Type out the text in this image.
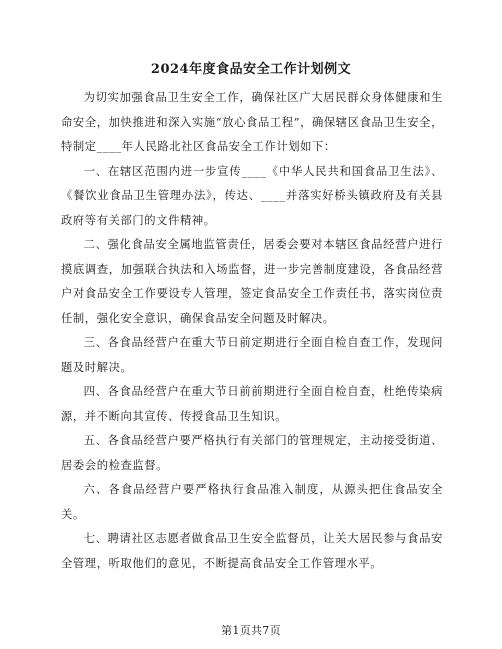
2024年度食品安全工作计划例文

为切实加强食品卫生安全工作，确保社区广大居民群众身体健康和生命安全，加快推进和深入实施“放心食品工程”，确保辖区食品卫生安全，特制定____年人民路北社区食品安全工作计划如下：

一、在辖区范围内进一步宣传____《中华人民共和国食品卫生法》、《餐饮业食品卫生管理办法》，传达、____并落实好桥头镇政府及有关县政府等有关部门的文件精神。

二、强化食品安全属地监管责任，居委会要对本辖区食品经营户进行摸底调查，加强联合执法和入场监督，进一步完善制度建设，各食品经营户对食品安全工作要设专人管理，签定食品安全工作责任书，落实岗位责任制，强化安全意识，确保食品安全问题及时解决。

三、各食品经营户在重大节日前定期进行全面自检自查工作，发现问题及时解决。

四、各食品经营户在重大节日前前期进行全面自检自查，杜绝传染病源，并不断向其宣传、传授食品卫生知识。

五、各食品经营户要严格执行有关部门的管理规定，主动接受街道、居委会的检查监督。

六、各食品经营户要严格执行食品准入制度，从源头把住食品安全关。

七、聘请社区志愿者做食品卫生安全监督员，让关大居民参与食品安全管理，听取他们的意见，不断提高食品安全工作管理水平。

第1页共7页
